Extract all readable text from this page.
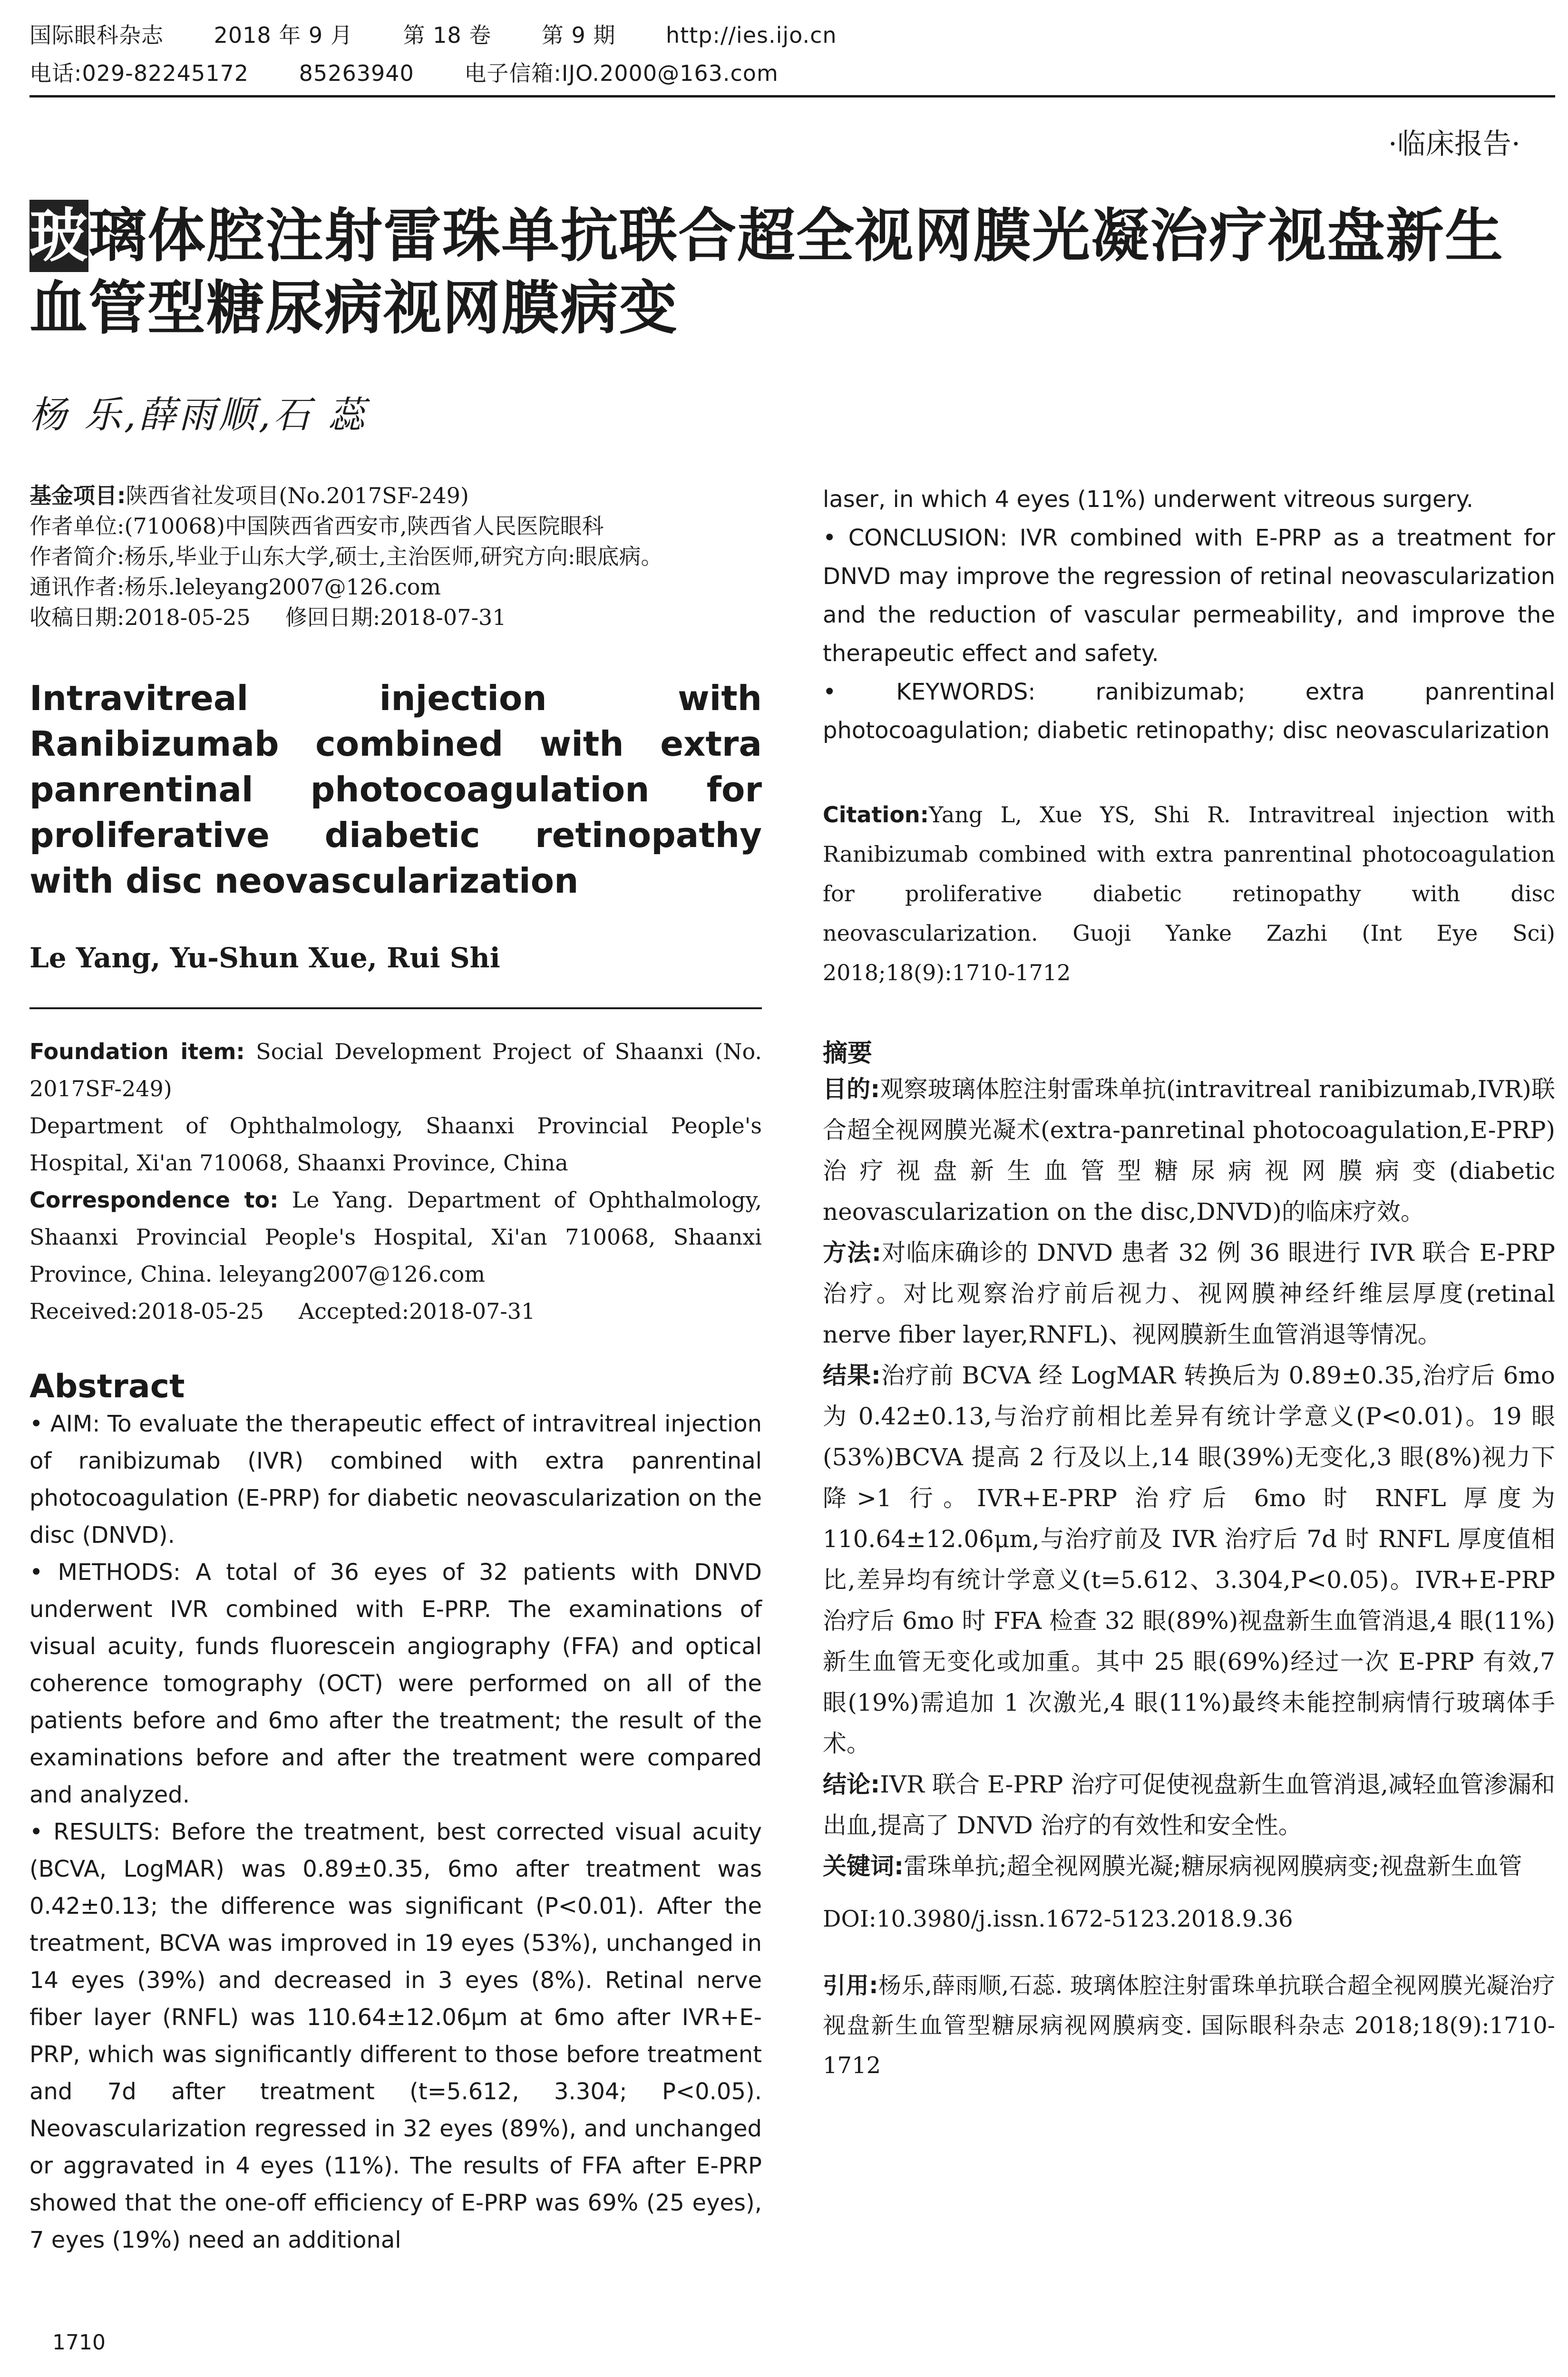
国际眼科杂志 2018 年 9 月 第 18 卷 第 9 期 http://ies.ijo.cn
电话:029-82245172 85263940 电子信箱:IJO.2000@163.com
·临床报告·
玻璃体腔注射雷珠单抗联合超全视网膜光凝治疗视盘新生血管型糖尿病视网膜病变
杨 乐,薛雨顺,石 蕊
基金项目:陕西省社发项目(No.2017SF-249)
作者单位:(710068)中国陕西省西安市,陕西省人民医院眼科
作者简介:杨乐,毕业于山东大学,硕士,主治医师,研究方向:眼底病。
通讯作者:杨乐.leleyang2007@126.com
收稿日期:2018-05-25     修回日期:2018-07-31
Intravitreal injection with Ranibizumab combined with extra panrentinal photocoagulation for proliferative diabetic retinopathy with disc neovascularization
Le Yang, Yu-Shun Xue, Rui Shi
Foundation item: Social Development Project of Shaanxi (No. 2017SF-249)
Department of Ophthalmology, Shaanxi Provincial People's Hospital, Xi'an 710068, Shaanxi Province, China
Correspondence to: Le Yang. Department of Ophthalmology, Shaanxi Provincial People's Hospital, Xi'an 710068, Shaanxi Province, China. leleyang2007@126.com
Received:2018-05-25     Accepted:2018-07-31
Abstract

• AIM: To evaluate the therapeutic effect of intravitreal injection of ranibizumab (IVR) combined with extra panrentinal photocoagulation (E-PRP) for diabetic neovascularization on the disc (DNVD).

• METHODS: A total of 36 eyes of 32 patients with DNVD underwent IVR combined with E-PRP. The examinations of visual acuity, funds fluorescein angiography (FFA) and optical coherence tomography (OCT) were performed on all of the patients before and 6mo after the treatment; the result of the examinations before and after the treatment were compared and analyzed.

• RESULTS: Before the treatment, best corrected visual acuity (BCVA, LogMAR) was 0.89±0.35, 6mo after treatment was 0.42±0.13; the difference was significant (P<0.01). After the treatment, BCVA was improved in 19 eyes (53%), unchanged in 14 eyes (39%) and decreased in 3 eyes (8%). Retinal nerve fiber layer (RNFL) was 110.64±12.06μm at 6mo after IVR+E-PRP, which was significantly different to those before treatment and 7d after treatment (t=5.612, 3.304; P<0.05). Neovascularization regressed in 32 eyes (89%), and unchanged or aggravated in 4 eyes (11%). The results of FFA after E-PRP showed that the one-off efficiency of E-PRP was 69% (25 eyes), 7 eyes (19%) need an additional

laser, in which 4 eyes (11%) underwent vitreous surgery.

• CONCLUSION: IVR combined with E-PRP as a treatment for DNVD may improve the regression of retinal neovascularization and the reduction of vascular permeability, and improve the therapeutic effect and safety.

• KEYWORDS: ranibizumab; extra panrentinal photocoagulation; diabetic retinopathy; disc neovascularization

Citation:Yang L, Xue YS, Shi R. Intravitreal injection with Ranibizumab combined with extra panrentinal photocoagulation for proliferative diabetic retinopathy with disc neovascularization. Guoji Yanke Zazhi (Int Eye Sci) 2018;18(9):1710-1712
摘要

目的:观察玻璃体腔注射雷珠单抗(intravitreal ranibizumab,IVR)联合超全视网膜光凝术(extra-panretinal photocoagulation,E-PRP)治疗视盘新生血管型糖尿病视网膜病变(diabetic neovascularization on the disc,DNVD)的临床疗效。

方法:对临床确诊的 DNVD 患者 32 例 36 眼进行 IVR 联合 E-PRP 治疗。对比观察治疗前后视力、视网膜神经纤维层厚度(retinal nerve fiber layer,RNFL)、视网膜新生血管消退等情况。

结果:治疗前 BCVA 经 LogMAR 转换后为 0.89±0.35,治疗后 6mo 为 0.42±0.13,与治疗前相比差异有统计学意义(P<0.01)。19 眼(53%)BCVA 提高 2 行及以上,14 眼(39%)无变化,3 眼(8%)视力下降>1 行。IVR+E-PRP 治疗后 6mo 时 RNFL 厚度为 110.64±12.06μm,与治疗前及 IVR 治疗后 7d 时 RNFL 厚度值相比,差异均有统计学意义(t=5.612、3.304,P<0.05)。IVR+E-PRP 治疗后 6mo 时 FFA 检查 32 眼(89%)视盘新生血管消退,4 眼(11%)新生血管无变化或加重。其中 25 眼(69%)经过一次 E-PRP 有效,7 眼(19%)需追加 1 次激光,4 眼(11%)最终未能控制病情行玻璃体手术。

结论:IVR 联合 E-PRP 治疗可促使视盘新生血管消退,减轻血管渗漏和出血,提高了 DNVD 治疗的有效性和安全性。

关键词:雷珠单抗;超全视网膜光凝;糖尿病视网膜病变;视盘新生血管

DOI:10.3980/j.issn.1672-5123.2018.9.36
引用:杨乐,薛雨顺,石蕊. 玻璃体腔注射雷珠单抗联合超全视网膜光凝治疗视盘新生血管型糖尿病视网膜病变. 国际眼科杂志 2018;18(9):1710-1712
1710
